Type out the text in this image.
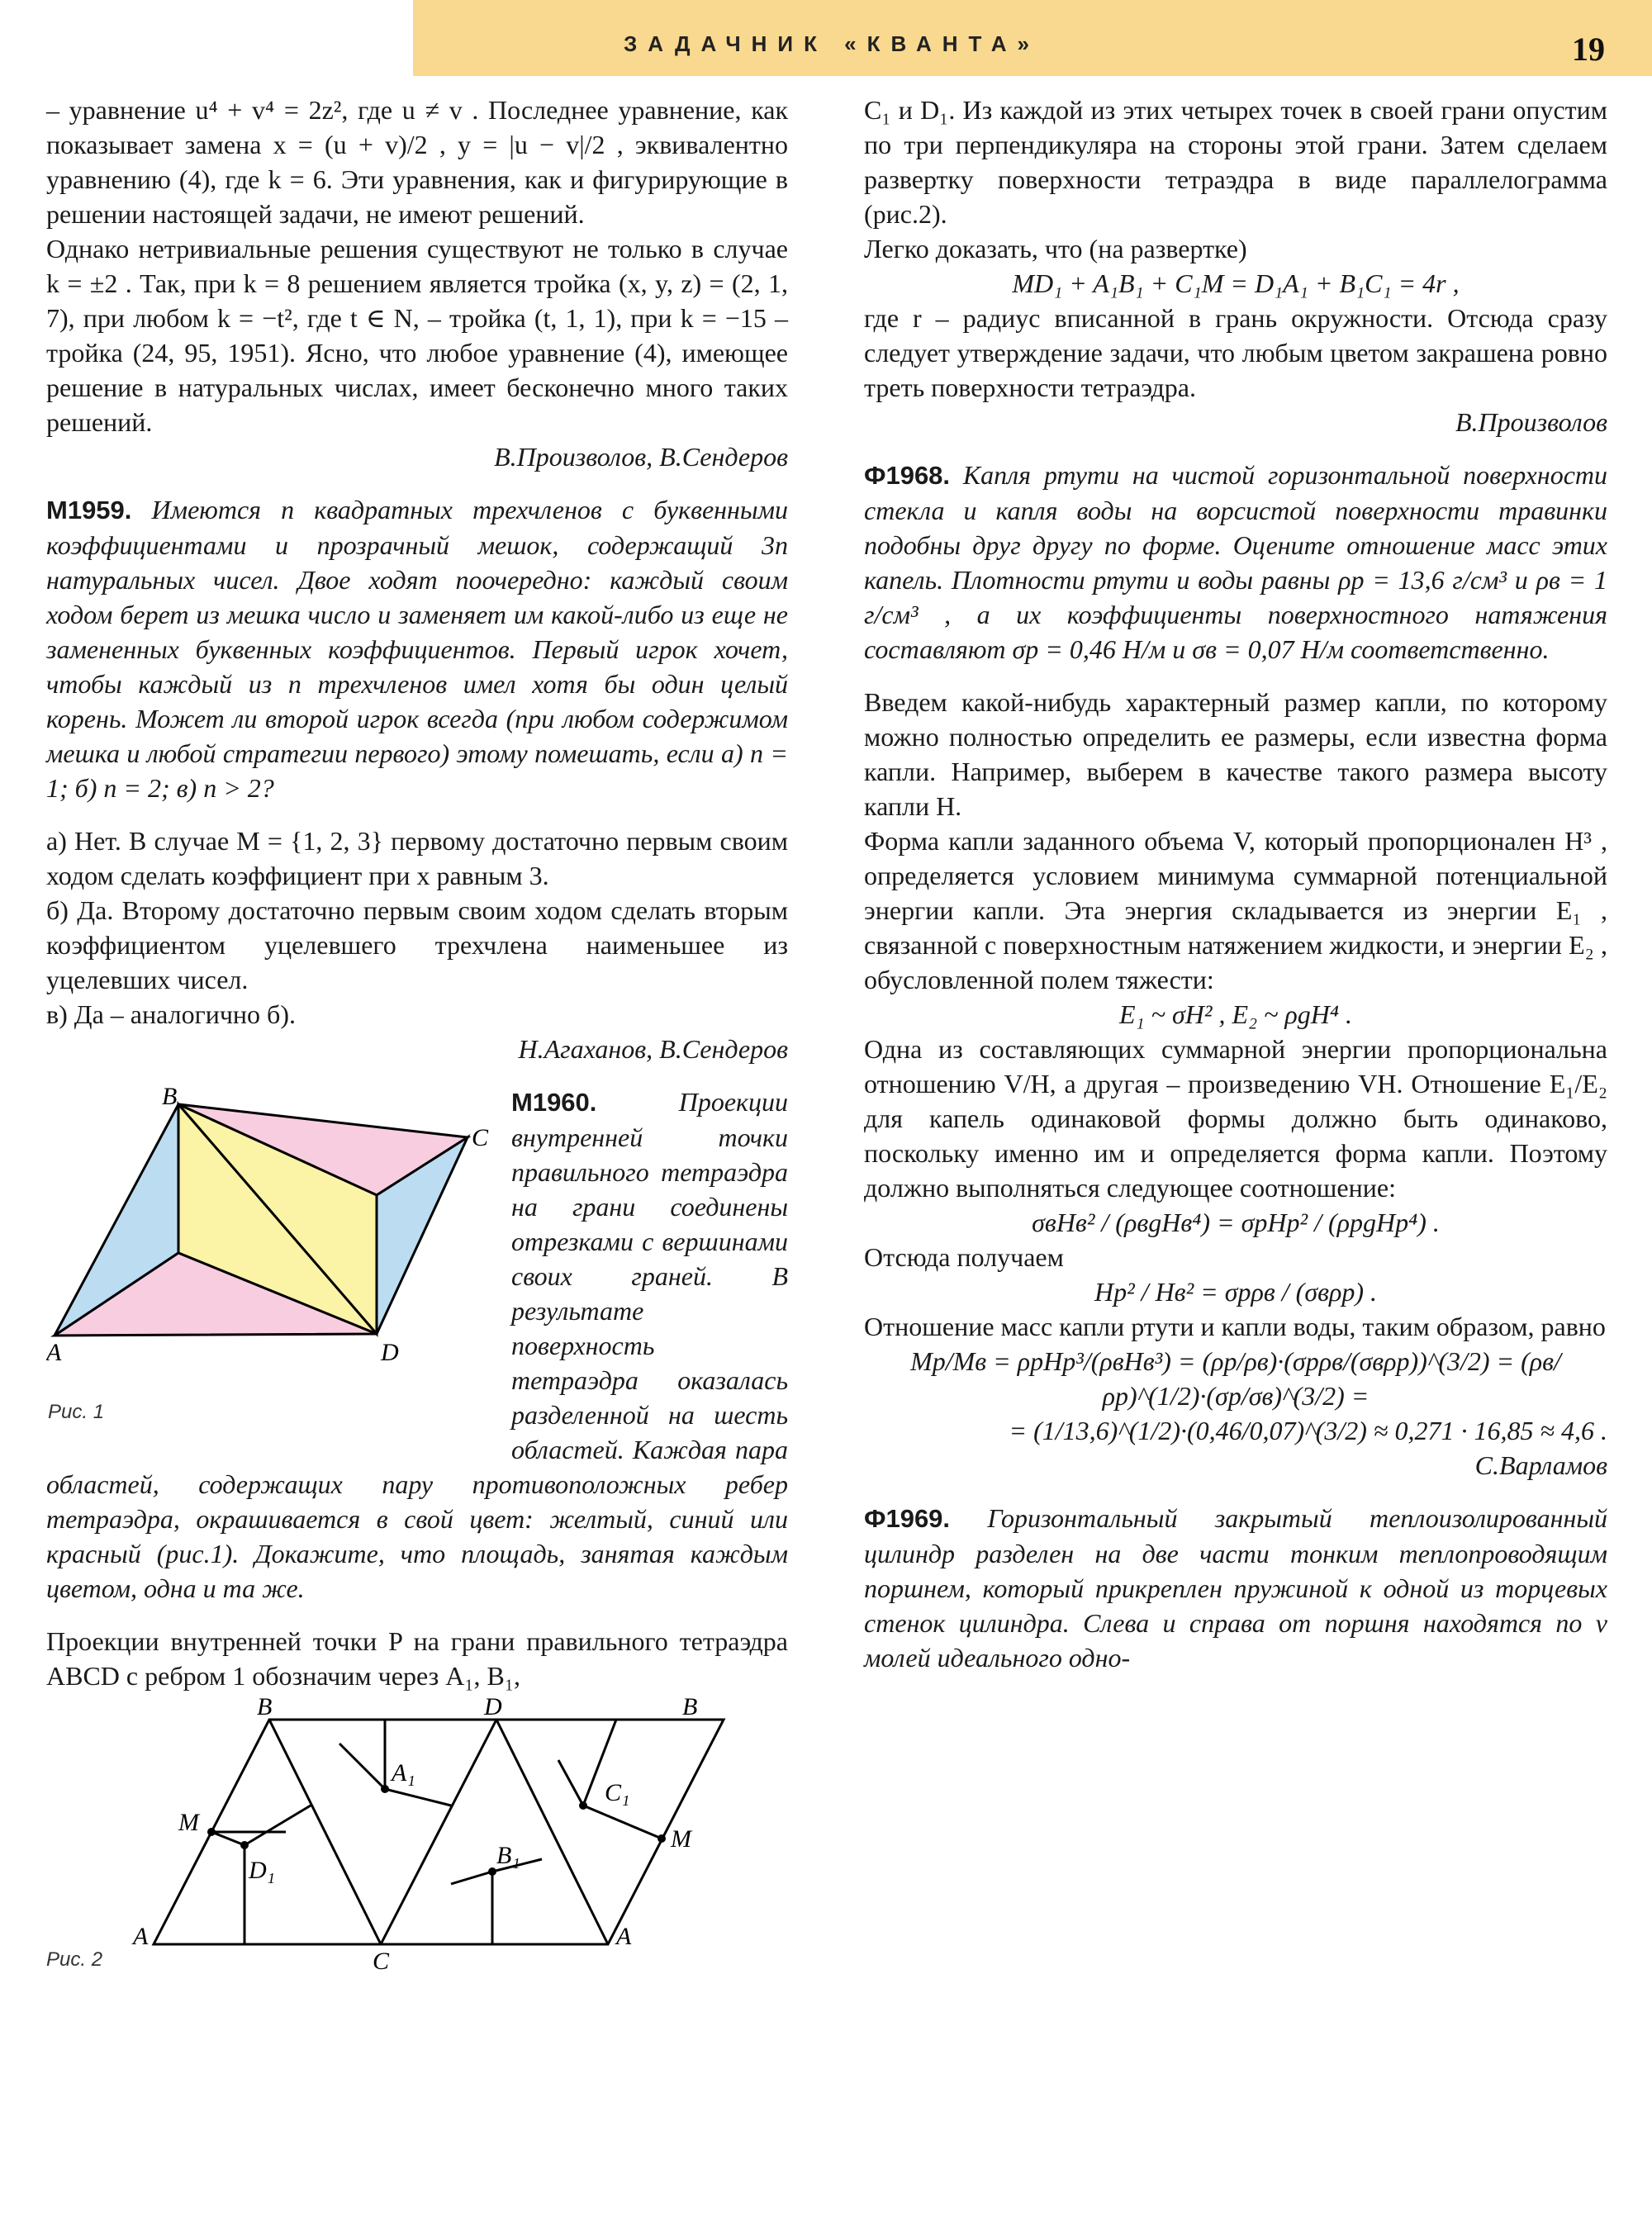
ЗАДАЧНИК «КВАНТА»	19

– уравнение u⁴ + v⁴ = 2z², где u ≠ v . Последнее уравнение, как показывает замена x = (u + v)/2 , y = |u − v|/2 , эквивалентно уравнению (4), где k = 6. Эти уравнения, как и фигурирующие в решении настоящей задачи, не имеют решений.

Однако нетривиальные решения существуют не только в случае k = ±2 . Так, при k = 8 решением является тройка (x, y, z) = (2, 1, 7), при любом k = −t², где t ∈ N, – тройка (t, 1, 1), при k = −15 – тройка (24, 95, 1951). Ясно, что любое уравнение (4), имеющее решение в натуральных числах, имеет бесконечно много таких решений.

В.Произволов, В.Сендеров

М1959. Имеются n квадратных трехчленов с буквенными коэффициентами и прозрачный мешок, содержащий 3n натуральных чисел. Двое ходят поочередно: каждый своим ходом берет из мешка число и заменяет им какой-либо из еще не замененных буквенных коэффициентов. Первый игрок хочет, чтобы каждый из n трехчленов имел хотя бы один целый корень. Может ли второй игрок всегда (при любом содержимом мешка и любой стратегии первого) этому помешать, если а) n = 1; б) n = 2; в) n > 2?

а) Нет. В случае M = {1, 2, 3} первому достаточно первым своим ходом сделать коэффициент при x равным 3.

б) Да. Второму достаточно первым своим ходом сделать вторым коэффициентом уцелевшего трехчлена наименьшее из уцелевших чисел.

в) Да – аналогично б).

Н.Агаханов, В.Сендеров

B
C
A	D
Рис. 1

М1960.	Проекции внутренней точки правильного тетраэдра на грани соединены отрезками с вершинами своих граней. В результате поверхность тетраэдра оказалась разделенной на шесть областей. Каждая пара областей, содержащих пару противоположных ребер тетраэдра, окрашивается в свой цвет: желтый, синий или красный (рис.1). Докажите, что площадь, занятая каждым цветом, одна и та же.

Проекции внутренней точки P на грани правильного тетраэдра ABCD с ребром 1 обозначим через A₁, B₁,

B	D	B
A₁
C₁
M
M
D₁
B₁
A
C
A
Рис. 2

C₁ и D₁. Из каждой из этих четырех точек в своей грани опустим по три перпендикуляра на стороны этой грани. Затем сделаем развертку поверхности тетраэдра в виде параллелограмма (рис.2).

Легко доказать, что (на развертке)

MD₁ + A₁B₁ + C₁M = D₁A₁ + B₁C₁ = 4r ,

где r – радиус вписанной в грань окружности. Отсюда сразу следует утверждение задачи, что любым цветом закрашена ровно треть поверхности тетраэдра.

В.Произволов

Ф1968. Капля ртути на чистой горизонтальной поверхности стекла и капля воды на ворсистой поверхности травинки подобны друг другу по форме. Оцените отношение масс этих капель. Плотности ртути и воды равны ρр = 13,6 г/см³ и ρв = 1 г/см³ , а их коэффициенты поверхностного натяжения составляют σр = 0,46 Н/м и σв = 0,07 Н/м соответственно.

Введем какой-нибудь характерный размер капли, по которому можно полностью определить ее размеры, если известна форма капли. Например, выберем в качестве такого размера высоту капли H.

Форма капли заданного объема V, который пропорционален H³ , определяется условием минимума суммарной потенциальной энергии капли. Эта энергия складывается из энергии E₁ , связанной с поверхностным натяжением жидкости, и энергии E₂ , обусловленной полем тяжести:

E₁ ~ σH² , E₂ ~ ρgH⁴ .

Одна из составляющих суммарной энергии пропорциональна отношению V/H, а другая – произведению VH. Отношение E₁/E₂ для капель одинаковой формы должно быть одинаково, поскольку именно им и определяется форма капли. Поэтому должно выполняться следующее соотношение:

σвHв² / (ρвgHв⁴) = σрHр² / (ρрgHр⁴) .

Отсюда получаем

Hр² / Hв² = σрρв / (σвρр) .

Отношение масс капли ртути и капли воды, таким образом, равно

Mр/Mв = ρрHр³/(ρвHв³) = (ρр/ρв)·(σрρв/(σвρр))^(3/2) = (ρв/ρр)^(1/2)·(σр/σв)^(3/2) =

= (1/13,6)^(1/2)·(0,46/0,07)^(3/2) ≈ 0,271 · 16,85 ≈ 4,6 .

С.Варламов

Ф1969. Горизонтальный закрытый теплоизолированный цилиндр разделен на две части тонким теплопроводящим поршнем, который прикреплен пружиной к одной из торцевых стенок цилиндра. Слева и справа от поршня находятся по ν молей идеального одно-
